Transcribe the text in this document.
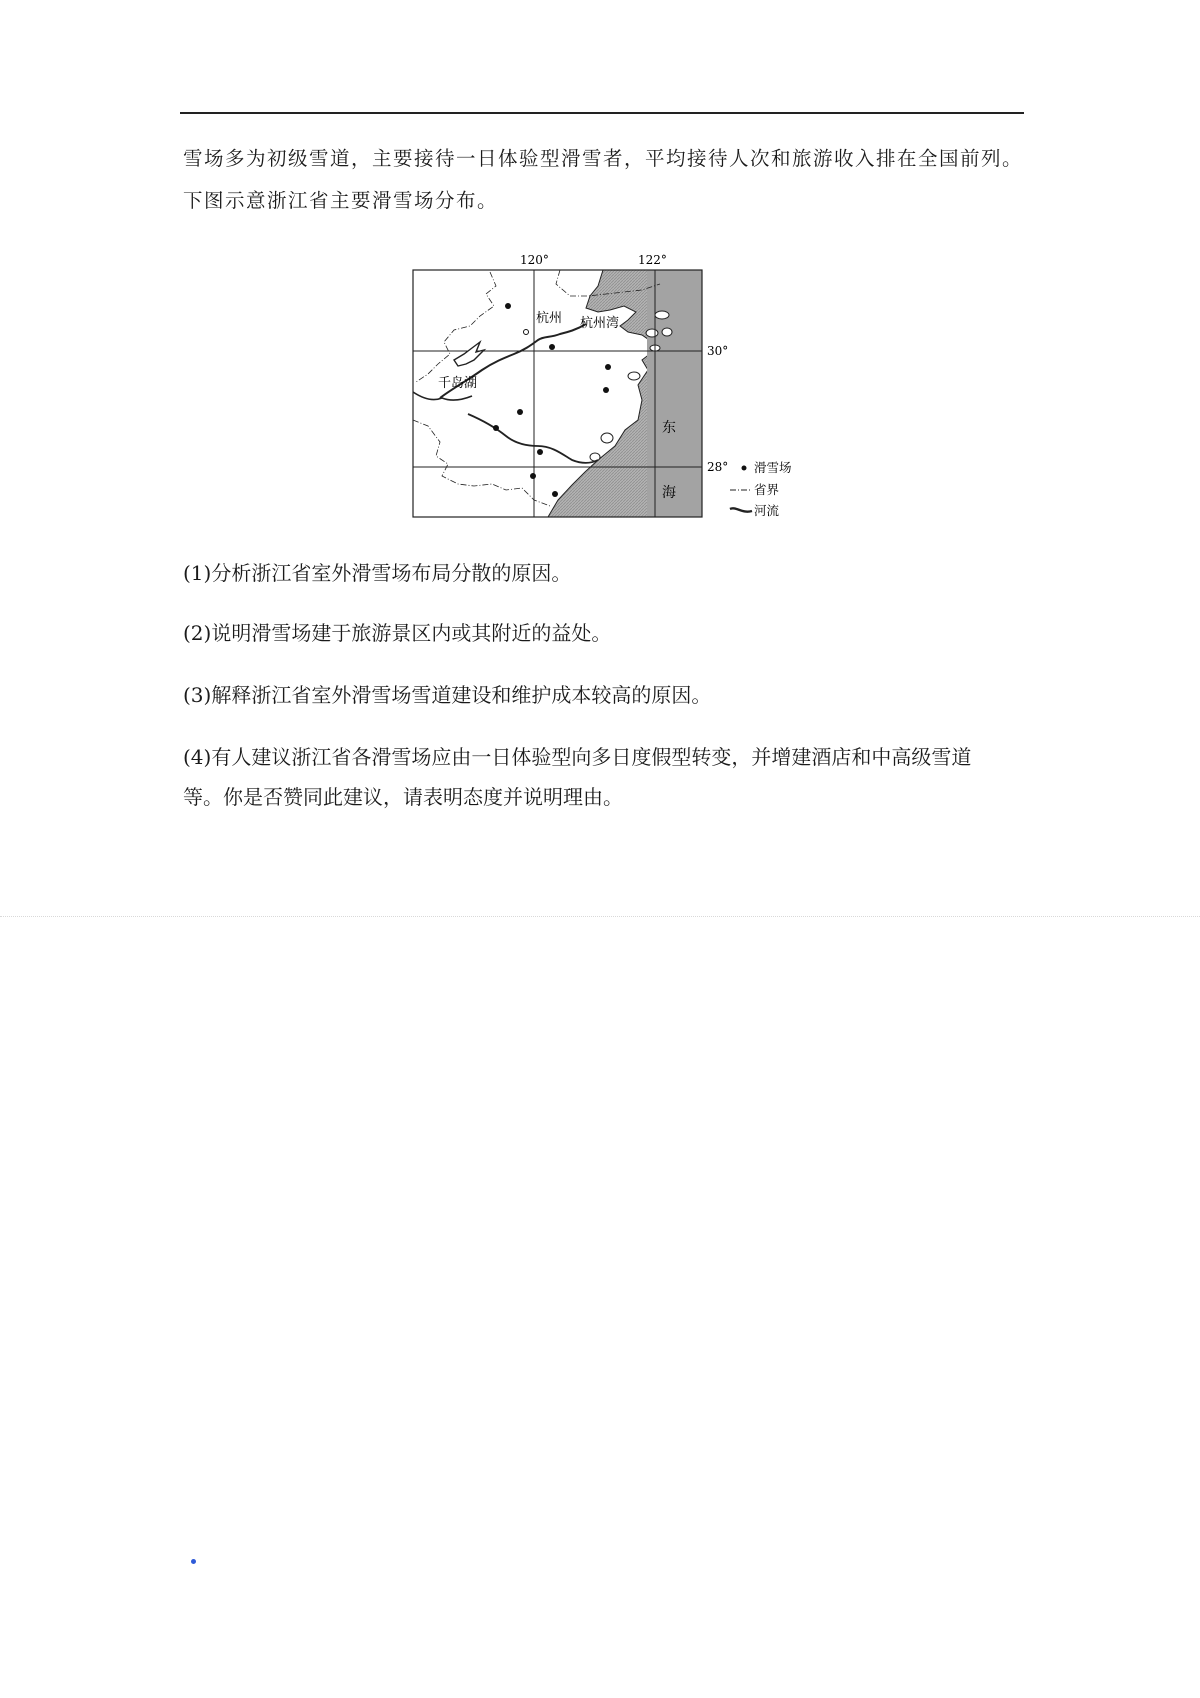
雪场多为初级雪道，主要接待一日体验型滑雪者，平均接待人次和旅游收入排在全国前列。

下图示意浙江省主要滑雪场分布。

120°	122°
30°
28°
杭州 杭州湾
千岛湖
东
海
滑雪场
省界
河流

(1)分析浙江省室外滑雪场布局分散的原因。

(2)说明滑雪场建于旅游景区内或其附近的益处。

(3)解释浙江省室外滑雪场雪道建设和维护成本较高的原因。

(4)有人建议浙江省各滑雪场应由一日体验型向多日度假型转变，并增建酒店和中高级雪道

等。你是否赞同此建议，请表明态度并说明理由。
